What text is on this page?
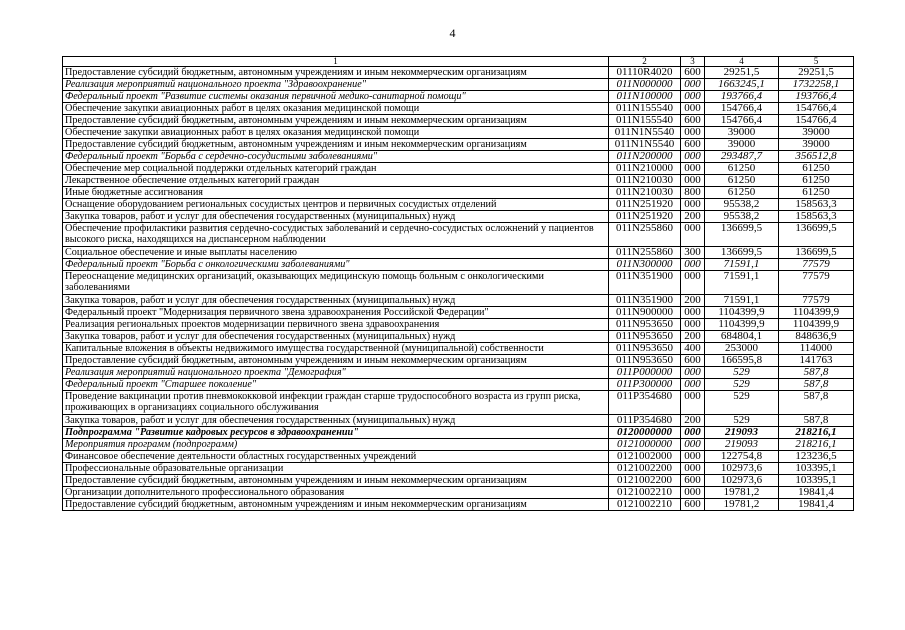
4
1	2	3	4	5
Предоставление субсидий бюджетным, автономным учреждениям и иным некоммерческим организациям	01110R4020	600	29251,5	29251,5
Реализация мероприятий национального проекта "Здравоохранение"	011N000000	000	1663245,1	1732258,1
Федеральный проект "Развитие системы оказания первичной медико-санитарной помощи"	011N100000	000	193766,4	193766,4
Обеспечение закупки авиационных работ в целях оказания медицинской помощи	011N155540	000	154766,4	154766,4
Предоставление субсидий бюджетным, автономным учреждениям и иным некоммерческим организациям	011N155540	600	154766,4	154766,4
Обеспечение закупки авиационных работ в целях оказания медицинской помощи	011N1N5540	000	39000	39000
Предоставление субсидий бюджетным, автономным учреждениям и иным некоммерческим организациям	011N1N5540	600	39000	39000
Федеральный проект "Борьба с сердечно-сосудистыми заболеваниями"	011N200000	000	293487,7	356512,8
Обеспечение мер социальной поддержки отдельных категорий граждан	011N210000	000	61250	61250
Лекарственное обеспечение отдельных категорий граждан	011N210030	000	61250	61250
Иные бюджетные ассигнования	011N210030	800	61250	61250
Оснащение оборудованием региональных сосудистых центров и первичных сосудистых отделений	011N251920	000	95538,2	158563,3
Закупка товаров, работ и услуг для обеспечения государственных (муниципальных) нужд	011N251920	200	95538,2	158563,3
Обеспечение профилактики развития сердечно-сосудистых заболеваний и сердечно-сосудистых осложнений у пациентов высокого риска, находящихся на диспансерном наблюдении	011N255860	000	136699,5	136699,5
Социальное обеспечение и иные выплаты населению	011N255860	300	136699,5	136699,5
Федеральный проект "Борьба с онкологическими заболеваниями"	011N300000	000	71591,1	77579
Переоснащение медицинских организаций, оказывающих медицинскую помощь больным с онкологическими заболеваниями	011N351900	000	71591,1	77579
Закупка товаров, работ и услуг для обеспечения государственных (муниципальных) нужд	011N351900	200	71591,1	77579
Федеральный проект "Модернизация первичного звена здравоохранения Российской Федерации"	011N900000	000	1104399,9	1104399,9
Реализация региональных проектов модернизации первичного звена здравоохранения	011N953650	000	1104399,9	1104399,9
Закупка товаров, работ и услуг для обеспечения государственных (муниципальных) нужд	011N953650	200	684804,1	848636,9
Капитальные вложения в объекты недвижимого имущества государственной (муниципальной) собственности	011N953650	400	253000	114000
Предоставление субсидий бюджетным, автономным учреждениям и иным некоммерческим организациям	011N953650	600	166595,8	141763
Реализация мероприятий национального проекта "Демография"	011P000000	000	529	587,8
Федеральный проект "Старшее поколение"	011P300000	000	529	587,8
Проведение вакцинации против пневмококковой инфекции граждан старше трудоспособного возраста из групп риска, проживающих в организациях социального обслуживания	011P354680	000	529	587,8
Закупка товаров, работ и услуг для обеспечения государственных (муниципальных) нужд	011P354680	200	529	587,8
Подпрограмма "Развитие кадровых ресурсов в здравоохранении"	0120000000	000	219093	218216,1
Мероприятия программ (подпрограмм)	0121000000	000	219093	218216,1
Финансовое обеспечение деятельности областных государственных учреждений	0121002000	000	122754,8	123236,5
Профессиональные образовательные организации	0121002200	000	102973,6	103395,1
Предоставление субсидий бюджетным, автономным учреждениям и иным некоммерческим организациям	0121002200	600	102973,6	103395,1
Организации дополнительного профессионального образования	0121002210	000	19781,2	19841,4
Предоставление субсидий бюджетным, автономным учреждениям и иным некоммерческим организациям	0121002210	600	19781,2	19841,4
